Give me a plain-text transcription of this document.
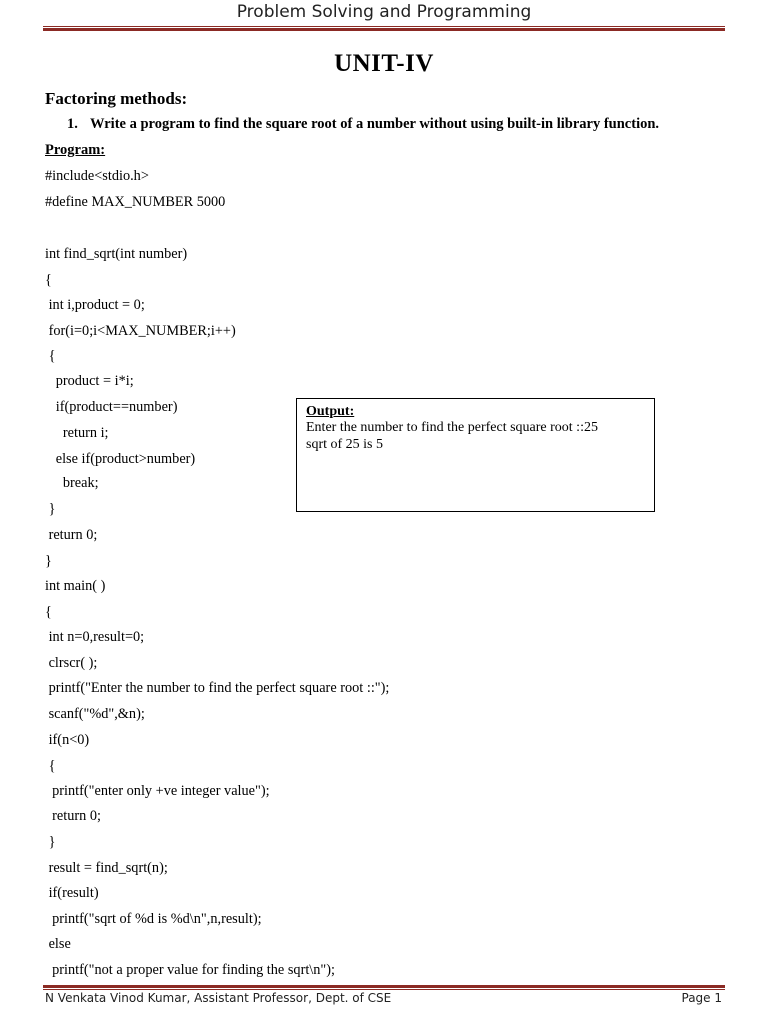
Problem Solving and Programming
UNIT-IV
Factoring methods:
1. Write a program to find the square root of a number without using built-in library function.
Program:
#include<stdio.h>
#define MAX_NUMBER 5000
int find_sqrt(int number)
{
int i,product = 0;
for(i=0;i<MAX_NUMBER;i++)
{
product = i*i;
if(product==number)
return i;
else if(product>number)
break;
}
return 0;
}
int main( )
{
int n=0,result=0;
clrscr( );
printf("Enter the number to find the perfect square root ::");
scanf("%d",&n);
if(n<0)
{
printf("enter only +ve integer value");
return 0;
}
result = find_sqrt(n);
if(result)
printf("sqrt of %d is %d\n",n,result);
else
printf("not a proper value for finding the sqrt\n");
Output:
Enter the number to find the perfect square root ::25
sqrt of 25 is 5
N Venkata Vinod Kumar, Assistant Professor, Dept. of CSE	Page 1
